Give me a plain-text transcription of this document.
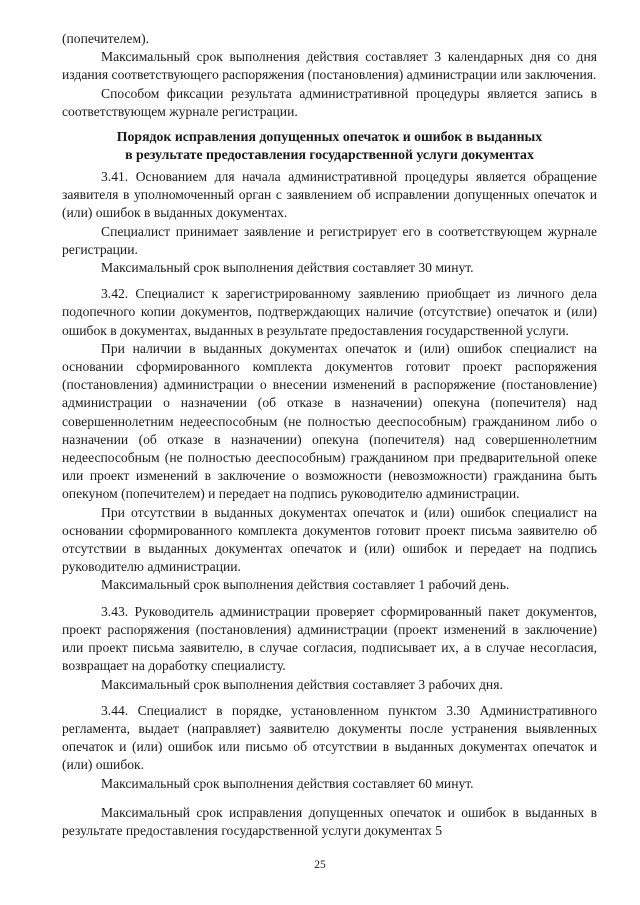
(попечителем).

Максимальный срок выполнения действия составляет 3 календарных дня со дня издания соответствующего распоряжения (постановления) администрации или заключения.

Способом фиксации результата административной процедуры является запись в соответствующем журнале регистрации.

Порядок исправления допущенных опечаток и ошибок в выданных
в результате предоставления государственной услуги документах

3.41. Основанием для начала административной процедуры является обращение заявителя в уполномоченный орган с заявлением об исправлении допущенных опечаток и (или) ошибок в выданных документах.

Специалист принимает заявление и регистрирует его в соответствующем журнале регистрации.

Максимальный срок выполнения действия составляет 30 минут.

3.42. Специалист к зарегистрированному заявлению приобщает из личного дела подопечного копии документов, подтверждающих наличие (отсутствие) опечаток и (или) ошибок в документах, выданных в результате предоставления государственной услуги.

При наличии в выданных документах опечаток и (или) ошибок специалист на основании сформированного комплекта документов готовит проект распоряжения (постановления) администрации о внесении изменений в распоряжение (постановление) администрации о назначении (об отказе в назначении) опекуна (попечителя) над совершеннолетним недееспособным (не полностью дееспособным) гражданином либо о назначении (об отказе в назначении) опекуна (попечителя) над совершеннолетним недееспособным (не полностью дееспособным) гражданином при предварительной опеке или проект изменений в заключение о возможности (невозможности) гражданина быть опекуном (попечителем) и передает на подпись руководителю администрации.

При отсутствии в выданных документах опечаток и (или) ошибок специалист на основании сформированного комплекта документов готовит проект письма заявителю об отсутствии в выданных документах опечаток и (или) ошибок и передает на подпись руководителю администрации.

Максимальный срок выполнения действия составляет 1 рабочий день.

3.43. Руководитель администрации проверяет сформированный пакет документов, проект распоряжения (постановления) администрации (проект изменений в заключение) или проект письма заявителю, в случае согласия, подписывает их, а в случае несогласия, возвращает на доработку специалисту.

Максимальный срок выполнения действия составляет 3 рабочих дня.

3.44. Специалист в порядке, установленном пунктом 3.30 Административного регламента, выдает (направляет) заявителю документы после устранения выявленных опечаток и (или) ошибок или письмо об отсутствии в выданных документах опечаток и (или) ошибок.

Максимальный срок выполнения действия составляет 60 минут.

Максимальный срок исправления допущенных опечаток и ошибок в выданных в результате предоставления государственной услуги документах 5

25
